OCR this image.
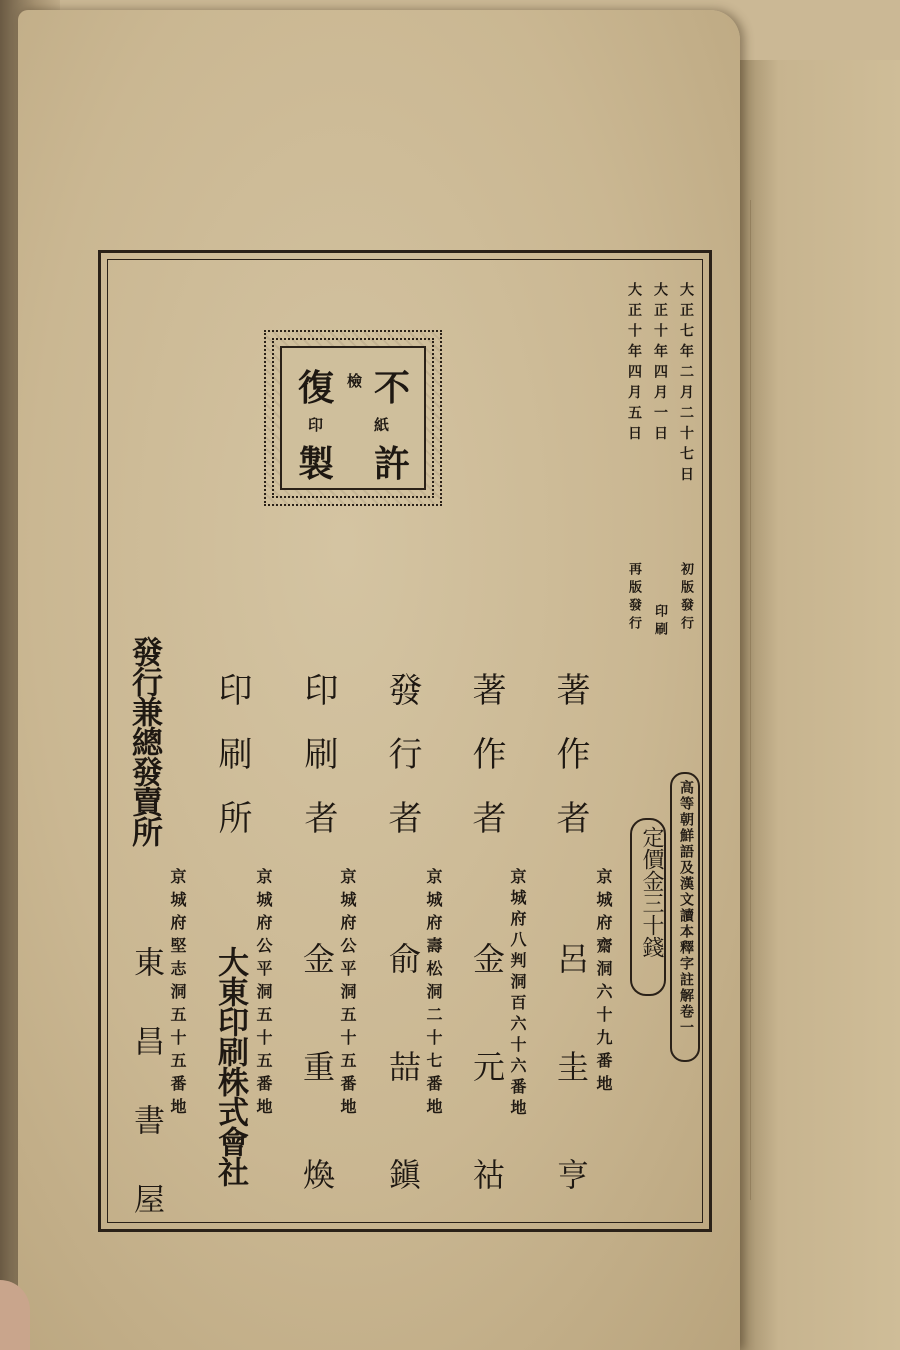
不
復
許
製
檢
紙
印	大正七年二月二十七日
大正十年四月一日
大正十年四月五日
初版發行
印刷
再版發行
高等朝鮮語及漢文讀本釋字註解卷一
定價金三十錢
著作者
著作者
發行者
印刷者
印刷所
發行兼總發賣所
京城府齋洞六十九番地
京城府八判洞百六十六番地
京城府壽松洞二十七番地
京城府公平洞五十五番地
京城府公平洞五十五番地
京城府堅志洞五十五番地	呂圭亨
金元祜
俞喆鎭
金重煥
大東印刷株式會社
東昌書屋
